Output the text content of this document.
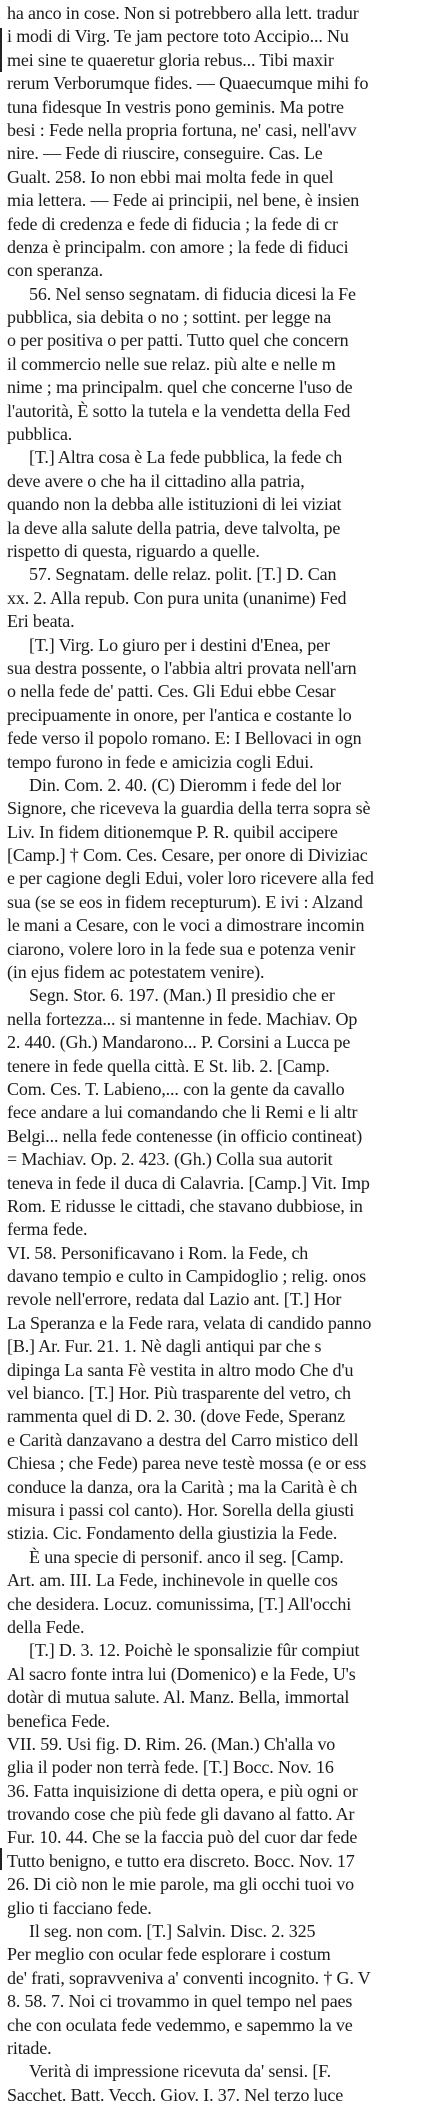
ha anco in cose. Non si potrebbero alla lett. tradur
i modi di Virg. Te jam pectore toto Accipio... Nu
mei sine te quaeretur gloria rebus... Tibi maxir
rerum Verborumque fides. — Quaecumque mihi fo
tuna fidesque In vestris pono geminis. Ma potre
besi : Fede nella propria fortuna, ne' casi, nell'avv
nire. — Fede di riuscire, conseguire. Cas. Le
Gualt. 258. Io non ebbi mai molta fede in quel
mia lettera. — Fede ai principii, nel bene, è insien
fede di credenza e fede di fiducia ; la fede di cr
denza è principalm. con amore ; la fede di fiduci
con speranza.
56. Nel senso segnatam. di fiducia dicesi la Fe
pubblica, sia debita o no ; sottint. per legge na
o per positiva o per patti. Tutto quel che concern
il commercio nelle sue relaz. più alte e nelle m
nime ; ma principalm. quel che concerne l'uso de
l'autorità, È sotto la tutela e la vendetta della Fed
pubblica.
[T.] Altra cosa è La fede pubblica, la fede ch
deve avere o che ha il cittadino alla patria,
quando non la debba alle istituzioni di lei viziat
la deve alla salute della patria, deve talvolta, pe
rispetto di questa, riguardo a quelle.
57. Segnatam. delle relaz. polit. [T.] D. Can
xx. 2. Alla repub. Con pura unita (unanime) Fed
Eri beata.
[T.] Virg. Lo giuro per i destini d'Enea, per
sua destra possente, o l'abbia altri provata nell'arn
o nella fede de' patti. Ces. Gli Edui ebbe Cesar
precipuamente in onore, per l'antica e costante lo
fede verso il popolo romano. E: I Bellovaci in ogn
tempo furono in fede e amicizia cogli Edui.
Din. Com. 2. 40. (C) Dieromm i fede del lor
Signore, che riceveva la guardia della terra sopra sè
Liv. In fidem ditionemque P. R. quibil accipere
[Camp.] † Com. Ces. Cesare, per onore di Diviziac
e per cagione degli Edui, voler loro ricevere alla fed
sua (se se eos in fidem recepturum). E ivi : Alzand
le mani a Cesare, con le voci a dimostrare incomin
ciarono, volere loro in la fede sua e potenza venir
(in ejus fidem ac potestatem venire).
Segn. Stor. 6. 197. (Man.) Il presidio che er
nella fortezza... si mantenne in fede. Machiav. Op
2. 440. (Gh.) Mandarono... P. Corsini a Lucca pe
tenere in fede quella città. E St. lib. 2. [Camp.
Com. Ces. T. Labieno,... con la gente da cavallo
fece andare a lui comandando che li Remi e li altr
Belgi... nella fede contenesse (in officio contineat)
= Machiav. Op. 2. 423. (Gh.) Colla sua autorit
teneva in fede il duca di Calavria. [Camp.] Vit. Imp
Rom. E ridusse le cittadi, che stavano dubbiose, in
ferma fede.
VI. 58. Personificavano i Rom. la Fede, ch
davano tempio e culto in Campidoglio ; relig. onos
revole nell'errore, redata dal Lazio ant. [T.] Hor
La Speranza e la Fede rara, velata di candido panno
[B.] Ar. Fur. 21. 1. Nè dagli antiqui par che s
dipinga La santa Fè vestita in altro modo Che d'u
vel bianco. [T.] Hor. Più trasparente del vetro, ch
rammenta quel di D. 2. 30. (dove Fede, Speranz
e Carità danzavano a destra del Carro mistico dell
Chiesa ; che Fede) parea neve testè mossa (e or ess
conduce la danza, ora la Carità ; ma la Carità è ch
misura i passi col canto). Hor. Sorella della giusti
stizia. Cic. Fondamento della giustizia la Fede.
È una specie di personif. anco il seg. [Camp.
Art. am. III. La Fede, inchinevole in quelle cos
che desidera. Locuz. comunissima, [T.] All'occhi
della Fede.
[T.] D. 3. 12. Poichè le sponsalizie fûr compiut
Al sacro fonte intra lui (Domenico) e la Fede, U's
dotàr di mutua salute. Al. Manz. Bella, immortal
benefica Fede.
VII. 59. Usi fig. D. Rim. 26. (Man.) Ch'alla vo
glia il poder non terrà fede. [T.] Bocc. Nov. 16
36. Fatta inquisizione di detta opera, e più ogni or
trovando cose che più fede gli davano al fatto. Ar
Fur. 10. 44. Che se la faccia può del cuor dar fede
Tutto benigno, e tutto era discreto. Bocc. Nov. 17
26. Di ciò non le mie parole, ma gli occhi tuoi vo
glio ti facciano fede.
Il seg. non com. [T.] Salvin. Disc. 2. 325
Per meglio con ocular fede esplorare i costum
de' frati, sopravveniva a' conventi incognito. † G. V
8. 58. 7. Noi ci trovammo in quel tempo nel paes
che con oculata fede vedemmo, e sapemmo la ve
ritade.
Verità di impressione ricevuta da' sensi. [F.
Sacchet. Batt. Vecch. Giov. I. 37. Nel terzo luce
